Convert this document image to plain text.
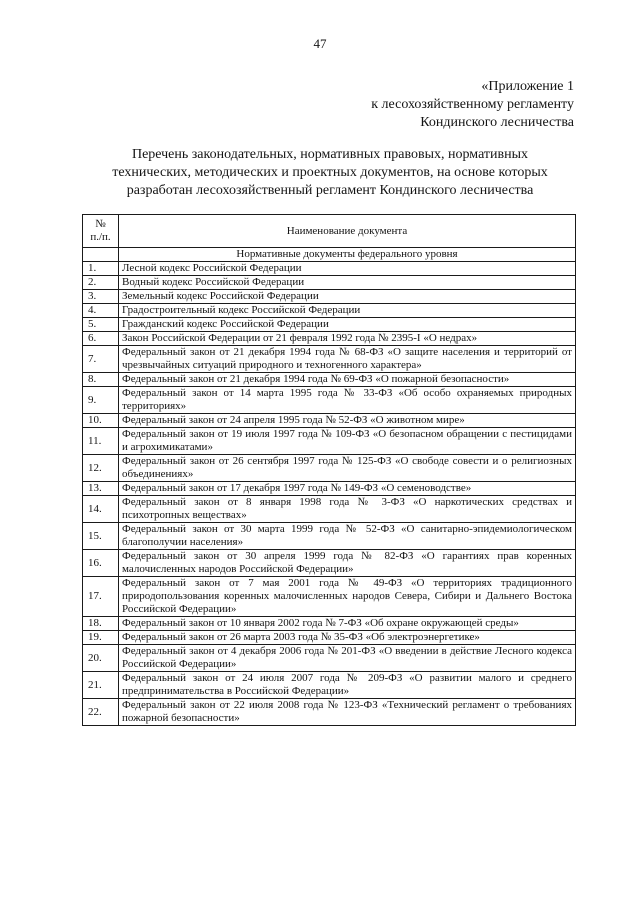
47
«Приложение 1
к лесохозяйственному регламенту
Кондинского лесничества
Перечень законодательных, нормативных правовых, нормативных
технических, методических и проектных документов, на основе которых
разработан лесохозяйственный регламент Кондинского лесничества
№
п./п.	Наименование документа
	Нормативные документы федерального уровня
1.	Лесной кодекс Российской Федерации
2.	Водный кодекс Российской Федерации
3.	Земельный кодекс Российской Федерации
4.	Градостроительный кодекс Российской Федерации
5.	Гражданский кодекс Российской Федерации
6.	Закон Российской Федерации от 21 февраля 1992 года № 2395-I «О недрах»
7.	Федеральный закон от 21 декабря 1994 года № 68-ФЗ «О защите населения и территорий от чрезвычайных ситуаций природного и техногенного характера»
8.	Федеральный закон от 21 декабря 1994 года № 69-ФЗ «О пожарной безопасности»
9.	Федеральный закон от 14 марта 1995 года № 33-ФЗ «Об особо охраняемых природных территориях»
10.	Федеральный закон от 24 апреля 1995 года № 52-ФЗ «О животном мире»
11.	Федеральный закон от 19 июля 1997 года № 109-ФЗ «О безопасном обращении с пестицидами и агрохимикатами»
12.	Федеральный закон от 26 сентября 1997 года № 125-ФЗ «О свободе совести и о религиозных объединениях»
13.	Федеральный закон от 17 декабря 1997 года № 149-ФЗ «О семеноводстве»
14.	Федеральный закон от 8 января 1998 года № 3-ФЗ «О наркотических средствах и психотропных веществах»
15.	Федеральный закон от 30 марта 1999 года № 52-ФЗ «О санитарно-эпидемиологическом благополучии населения»
16.	Федеральный закон от 30 апреля 1999 года № 82-ФЗ «О гарантиях прав коренных малочисленных народов Российской Федерации»
17.	Федеральный закон от 7 мая 2001 года № 49-ФЗ «О территориях традиционного природопользования коренных малочисленных народов Севера, Сибири и Дальнего Востока Российской Федерации»
18.	Федеральный закон от 10 января 2002 года № 7-ФЗ «Об охране окружающей среды»
19.	Федеральный закон от 26 марта 2003 года № 35-ФЗ «Об электроэнергетике»
20.	Федеральный закон от 4 декабря 2006 года № 201-ФЗ «О введении в действие Лесного кодекса Российской Федерации»
21.	Федеральный закон от 24 июля 2007 года № 209-ФЗ «О развитии малого и среднего предпринимательства в Российской Федерации»
22.	Федеральный закон от 22 июля 2008 года № 123-ФЗ «Технический регламент о требованиях пожарной безопасности»
